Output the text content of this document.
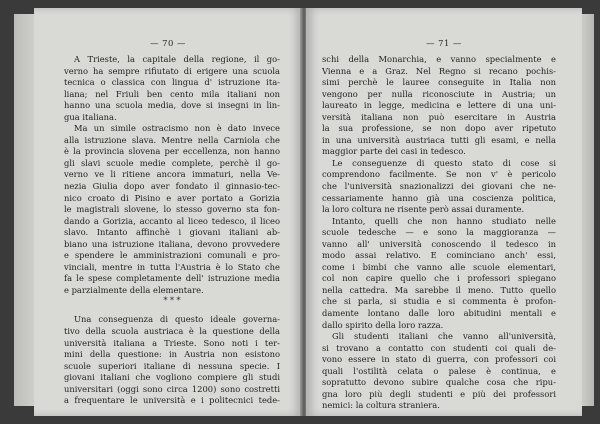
— 70 —
A Trieste, la capitale della regione, il go-
verno ha sempre rifiutato di erigere una scuola
tecnica o classica con lingua d' istruzione ita-
liana; nel Friuli ben cento mila italiani non
hanno una scuola media, dove si insegni in lin-
gua italiana.
Ma un simile ostracismo non è dato invece
alla istruzione slava. Mentre nella Carniola che
è la provincia slovena per eccellenza, non hanno
gli slavi scuole medie complete, perchè il go-
verno ve li ritiene ancora immaturi, nella Ve-
nezia Giulia dopo aver fondato il ginnasio-tec-
nico croato di Pisino e aver portato a Gorizia
le magistrali slovene, lo stesso governo sta fon-
dando a Gorizia, accanto al liceo tedesco, il liceo
slavo. Intanto affinchè i giovani italiani ab-
biano una istruzione italiana, devono provvedere
e spendere le amministrazioni comunali e pro-
vinciali, mentre in tutta l'Austria è lo Stato che
fa le spese completamente dell' istruzione media
e parzialmente della elementare.
* * *
Una conseguenza di questo ideale governa-
tivo della scuola austriaca è la questione della
università italiana a Trieste. Sono noti i ter-
mini della questione: in Austria non esistono
scuole superiori italiane di nessuna specie. I
giovani italiani che vogliono compiere gli studi
universitari (oggi sono circa 1200) sono costretti
a frequentare le università e i politecnici tede-
— 71 —
schi della Monarchia, e vanno specialmente e
Vienna e a Graz. Nel Regno si recano pochis-
simi perchè le lauree conseguite in Italia non
vengono per nulla riconosciute in Austria; un
laureato in legge, medicina e lettere di una uni-
versità italiana non può esercitare in Austria
la sua professione, se non dopo aver ripetuto
in una università austriaca tutti gli esami, e nella
maggior parte dei casi in tedesco.
Le conseguenze di questo stato di cose si
comprendono facilmente. Se non v' è pericolo
che l'università snazionalizzi dei giovani che ne-
cessariamente hanno già una coscienza politica,
la loro coltura ne risente però assai duramente.
Intanto, quelli che non hanno studiato nelle
scuole tedesche — e sono la maggioranza —
vanno all' università conoscendo il tedesco in
modo assai relativo. E cominciano anch' essi,
come i bimbi che vanno alle scuole elementari,
col non capire quello che i professori spiegano
nella cattedra. Ma sarebbe il meno. Tutto quello
che si parla, si studia e si commenta è profon-
damente lontano dalle loro abitudini mentali e
dallo spirito della loro razza.
Gli studenti italiani che vanno all'università,
si trovano a contatto con studenti coi quali de-
vono essere in stato di guerra, con professori coi
quali l'ostilità celata o palese è continua, e
sopratutto devono subire qualche cosa che ripu-
gna loro più degli studenti e più dei professori
nemici: la coltura straniera.
